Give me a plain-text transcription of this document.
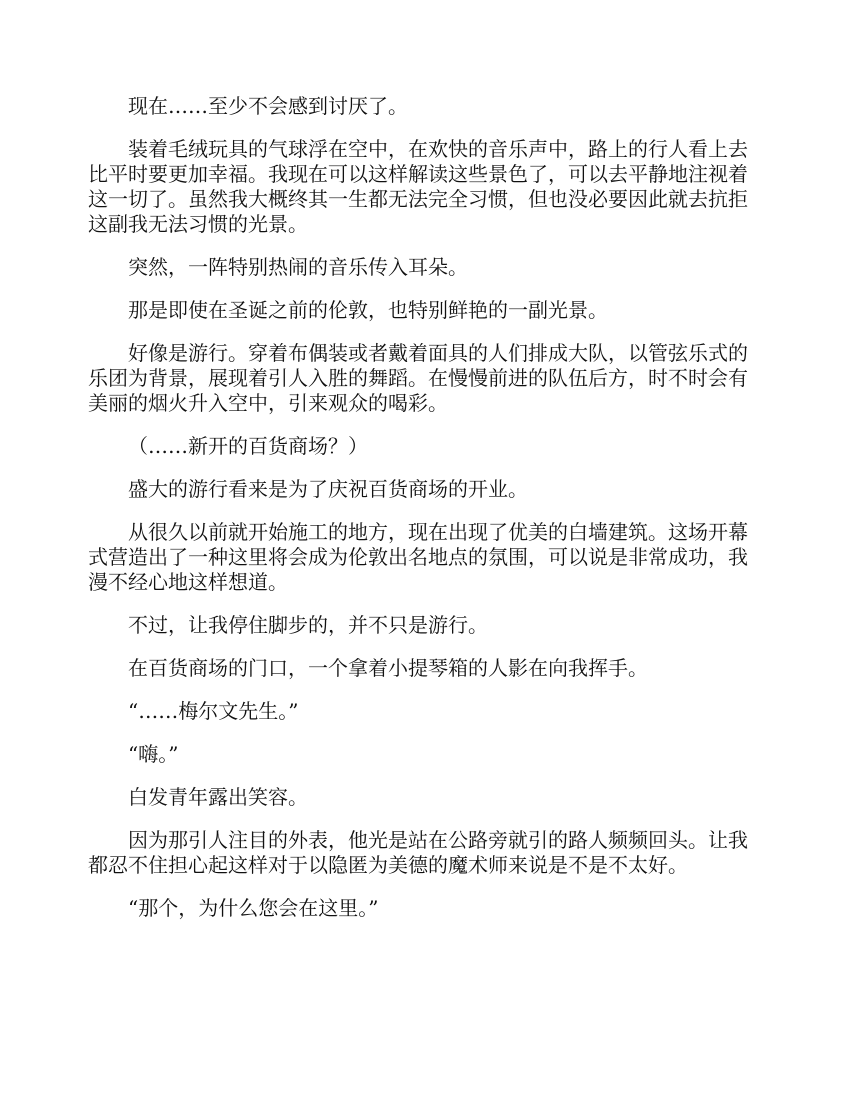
现在……至少不会感到讨厌了。

装着毛绒玩具的气球浮在空中，在欢快的音乐声中，路上的行人看上去比平时要更加幸福。我现在可以这样解读这些景色了，可以去平静地注视着这一切了。虽然我大概终其一生都无法完全习惯，但也没必要因此就去抗拒这副我无法习惯的光景。

突然，一阵特别热闹的音乐传入耳朵。

那是即使在圣诞之前的伦敦，也特别鲜艳的一副光景。

好像是游行。穿着布偶装或者戴着面具的人们排成大队，以管弦乐式的乐团为背景，展现着引人入胜的舞蹈。在慢慢前进的队伍后方，时不时会有美丽的烟火升入空中，引来观众的喝彩。

（……新开的百货商场？）

盛大的游行看来是为了庆祝百货商场的开业。

从很久以前就开始施工的地方，现在出现了优美的白墙建筑。这场开幕式营造出了一种这里将会成为伦敦出名地点的氛围，可以说是非常成功，我漫不经心地这样想道。

不过，让我停住脚步的，并不只是游行。

在百货商场的门口，一个拿着小提琴箱的人影在向我挥手。

“……梅尔文先生。”

“嗨。”

白发青年露出笑容。

因为那引人注目的外表，他光是站在公路旁就引的路人频频回头。让我都忍不住担心起这样对于以隐匿为美德的魔术师来说是不是不太好。

“那个，为什么您会在这里。”
